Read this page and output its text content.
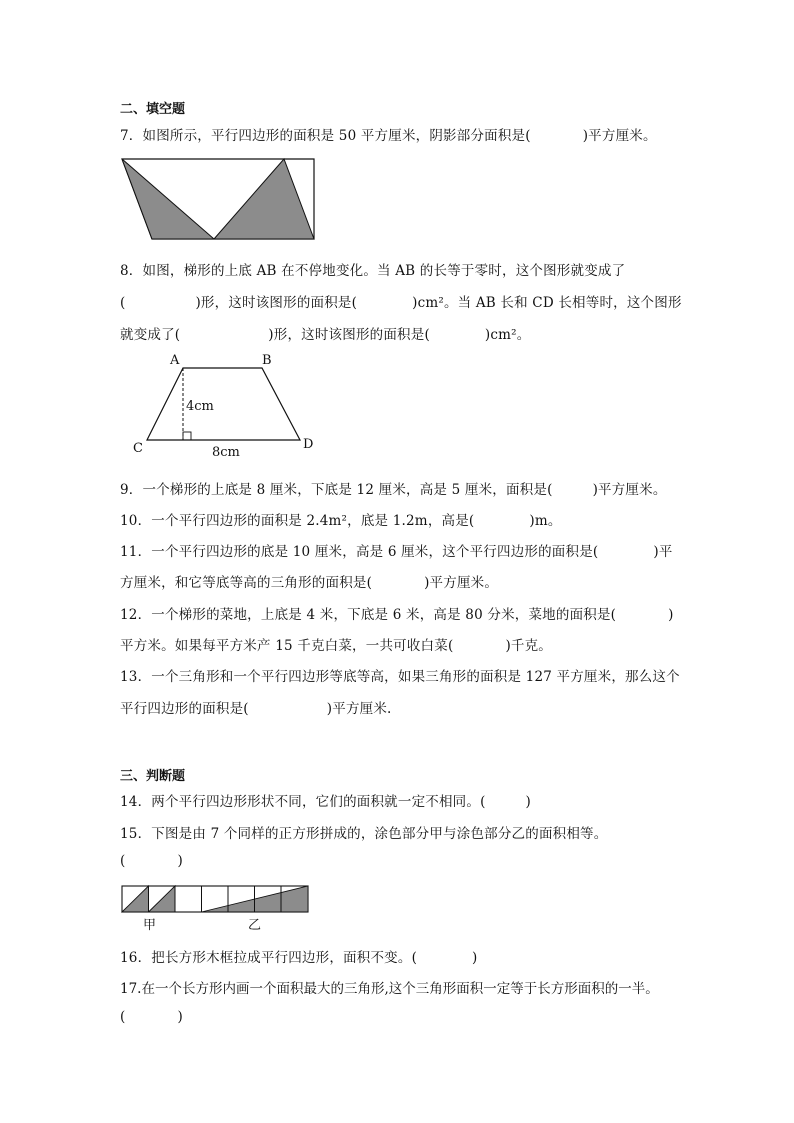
二、填空题
7．如图所示，平行四边形的面积是 50 平方厘米，阴影部分面积是(	)平方厘米。
8．如图，梯形的上底 AB 在不停地变化。当 AB 的长等于零时，这个图形就变成了
(	)形，这时该图形的面积是(	)cm²。当 AB 长和 CD 长相等时，这个图形
就变成了(	)形，这时该图形的面积是(	)cm²。
A	B
C	D
4cm
8cm
9．一个梯形的上底是 8 厘米，下底是 12 厘米，高是 5 厘米，面积是(	)平方厘米。
10．一个平行四边形的面积是 2.4m²，底是 1.2m，高是(	)m。
11．一个平行四边形的底是 10 厘米，高是 6 厘米，这个平行四边形的面积是(	)平
方厘米，和它等底等高的三角形的面积是(	)平方厘米。
12．一个梯形的菜地，上底是 4 米，下底是 6 米，高是 80 分米，菜地的面积是(	)
平方米。如果每平方米产 15 千克白菜，一共可收白菜(	)千克。
13．一个三角形和一个平行四边形等底等高，如果三角形的面积是 127 平方厘米，那么这个
平行四边形的面积是(	)平方厘米.
三、判断题
14．两个平行四边形形状不同，它们的面积就一定不相同。(	)
15．下图是由 7 个同样的正方形拼成的，涂色部分甲与涂色部分乙的面积相等。
(	)
甲	乙
16．把长方形木框拉成平行四边形，面积不变。(	)
17.在一个长方形内画一个面积最大的三角形,这个三角形面积一定等于长方形面积的一半。
(	)
